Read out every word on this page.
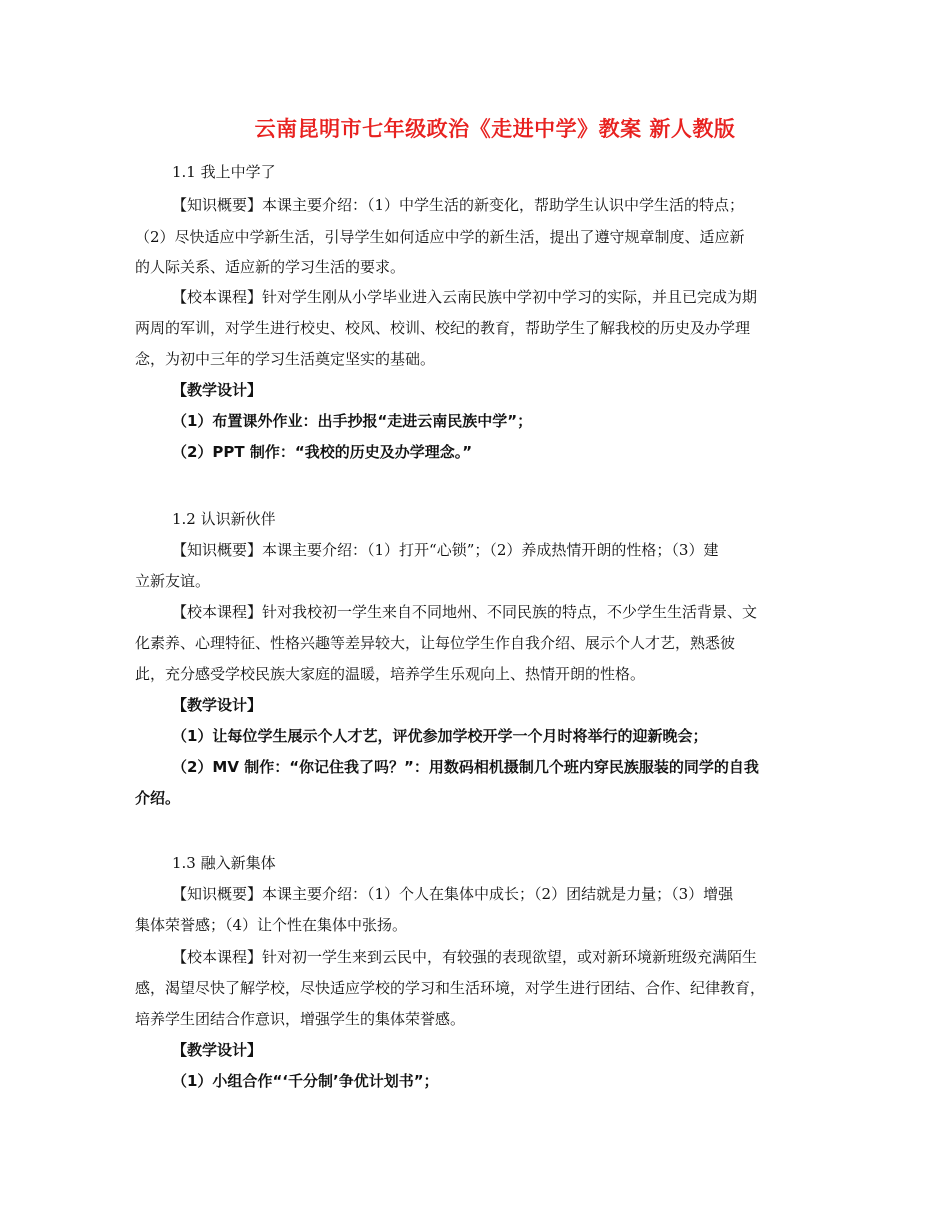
云南昆明市七年级政治《走进中学》教案 新人教版
1.1 我上中学了
【知识概要】本课主要介绍：（1）中学生活的新变化，帮助学生认识中学生活的特点；
（2）尽快适应中学新生活，引导学生如何适应中学的新生活，提出了遵守规章制度、适应新
的人际关系、适应新的学习生活的要求。
【校本课程】针对学生刚从小学毕业进入云南民族中学初中学习的实际，并且已完成为期
两周的军训，对学生进行校史、校风、校训、校纪的教育，帮助学生了解我校的历史及办学理
念，为初中三年的学习生活奠定坚实的基础。
【教学设计】
（1）布置课外作业：出手抄报“走进云南民族中学”；
（2）PPT 制作：“我校的历史及办学理念。”
1.2 认识新伙伴
【知识概要】本课主要介绍：（1）打开“心锁”；（2）养成热情开朗的性格；（3）建
立新友谊。
【校本课程】针对我校初一学生来自不同地州、不同民族的特点，不少学生生活背景、文
化素养、心理特征、性格兴趣等差异较大，让每位学生作自我介绍、展示个人才艺，熟悉彼
此，充分感受学校民族大家庭的温暖，培养学生乐观向上、热情开朗的性格。
【教学设计】
（1）让每位学生展示个人才艺，评优参加学校开学一个月时将举行的迎新晚会；
（2）MV 制作：“你记住我了吗？”：用数码相机摄制几个班内穿民族服装的同学的自我
介绍。
1.3 融入新集体
【知识概要】本课主要介绍：（1）个人在集体中成长；（2）团结就是力量；（3）增强
集体荣誉感；（4）让个性在集体中张扬。
【校本课程】针对初一学生来到云民中，有较强的表现欲望，或对新环境新班级充满陌生
感，渴望尽快了解学校，尽快适应学校的学习和生活环境，对学生进行团结、合作、纪律教育，
培养学生团结合作意识，增强学生的集体荣誉感。
【教学设计】
（1）小组合作“‘千分制’争优计划书”；
